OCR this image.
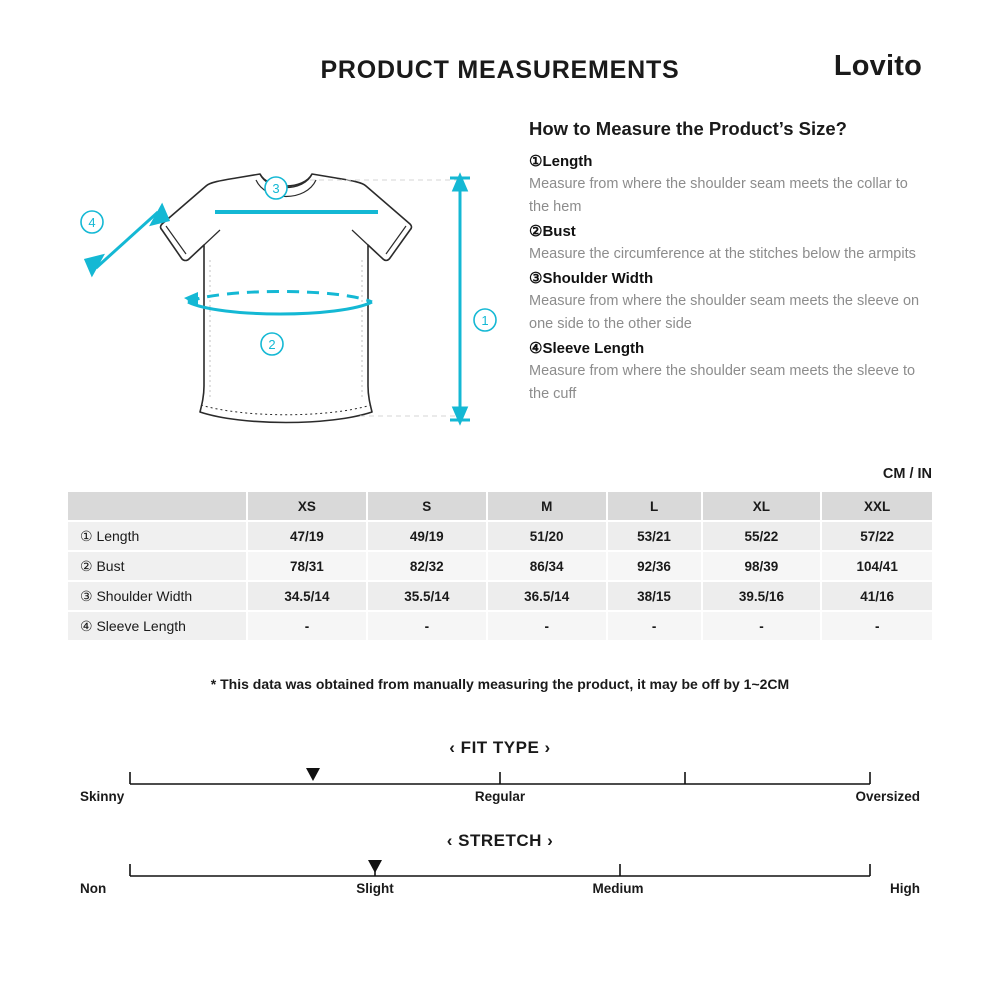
PRODUCT MEASUREMENTS	Lovito
1
3
4
2
How to Measure the Product’s Size?
①Length
Measure from where the shoulder seam meets the collar to the hem
②Bust
Measure the circumference at the stitches below the armpits
③Shoulder Width
Measure from where the shoulder seam meets the sleeve on one side to the other side
④Sleeve Length
Measure from where the shoulder seam meets the sleeve to the cuff
CM / IN
	XS	S	M	L	XL	XXL
① Length	47/19	49/19	51/20	53/21	55/22	57/22
② Bust	78/31	82/32	86/34	92/36	98/39	104/41
③ Shoulder Width	34.5/14	35.5/14	36.5/14	38/15	39.5/16	41/16
④ Sleeve Length	-	-	-	-	-	-
* This data was obtained from manually measuring the product, it may be off by 1~2CM
‹ FIT TYPE ›
Skinny	Regular	Oversized
‹ STRETCH ›
Non	Slight	Medium	High
